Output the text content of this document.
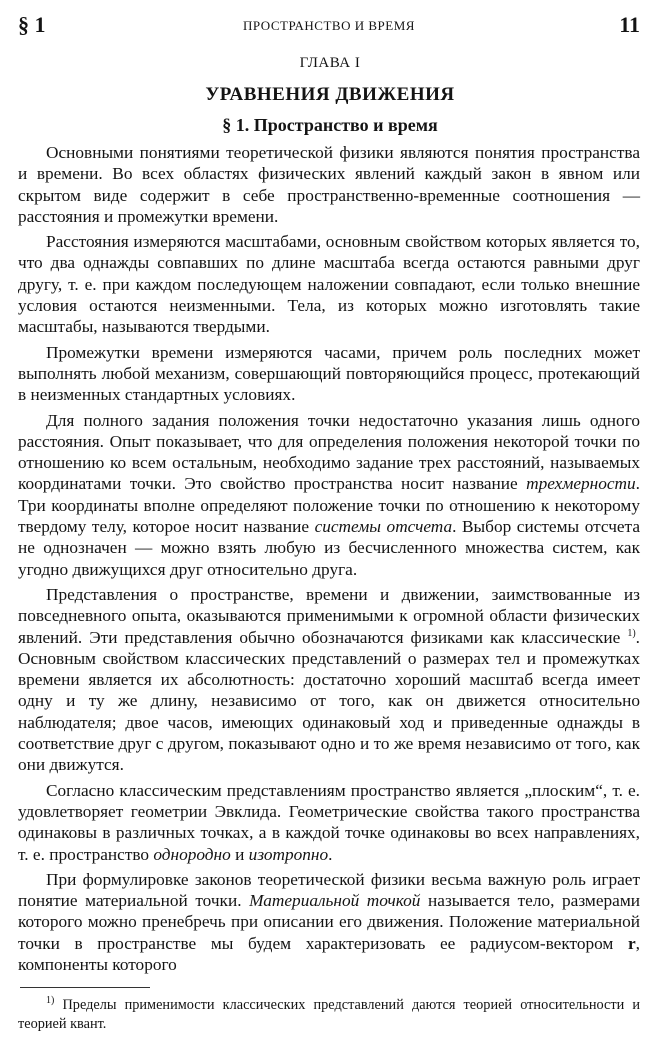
§ 1	ПРОСТРАНСТВО И ВРЕМЯ	11
ГЛАВА I
УРАВНЕНИЯ ДВИЖЕНИЯ
§ 1. Пространство и время

Основными понятиями теоретической физики являются понятия пространства и времени. Во всех областях физических явлений каждый закон в явном или скрытом виде содержит в себе пространственно-временные соотношения — расстояния и промежутки времени.

Расстояния измеряются масштабами, основным свойством которых является то, что два однажды совпавших по длине масштаба всегда остаются равными друг другу, т. е. при каждом последующем наложении совпадают, если только внешние условия остаются неизменными. Тела, из которых можно изготовлять такие масштабы, называются твердыми.

Промежутки времени измеряются часами, причем роль последних может выполнять любой механизм, совершающий повторяющийся процесс, протекающий в неизменных стандартных условиях.

Для полного задания положения точки недостаточно указания лишь одного расстояния. Опыт показывает, что для определения положения некоторой точки по отношению ко всем остальным, необходимо задание трех расстояний, называемых координатами точки. Это свойство пространства носит название трехмерности. Три координаты вполне определяют положение точки по отношению к некоторому твердому телу, которое носит название системы отсчета. Выбор системы отсчета не однозначен — можно взять любую из бесчисленного множества систем, как угодно движущихся друг относительно друга.

Представления о пространстве, времени и движении, заимствованные из повседневного опыта, оказываются применимыми к огромной области физических явлений. Эти представления обычно обозначаются физиками как классические $^{1)}$. Основным свойством классических представлений о размерах тел и промежутках времени является их абсолютность: достаточно хороший масштаб всегда имеет одну и ту же длину, независимо от того, как он движется относительно наблюдателя; двое часов, имеющих одинаковый ход и приведенные однажды в соответствие друг с другом, показывают одно и то же время независимо от того, как они движутся.

Согласно классическим представлениям пространство является „плоским“, т. е. удовлетворяет геометрии Эвклида. Геометрические свойства такого пространства одинаковы в различных точках, а в каждой точке одинаковы во всех направлениях, т. е. пространство однородно и изотропно.

При формулировке законов теоретической физики весьма важную роль играет понятие материальной точки. Материальной точкой называется тело, размерами которого можно пренебречь при описании его движения. Положение материальной точки в пространстве мы будем характеризовать ее радиусом-вектором r, компоненты которого

$^{1)}$ Пределы применимости классических представлений даются теорией относительности и теорией квант.
